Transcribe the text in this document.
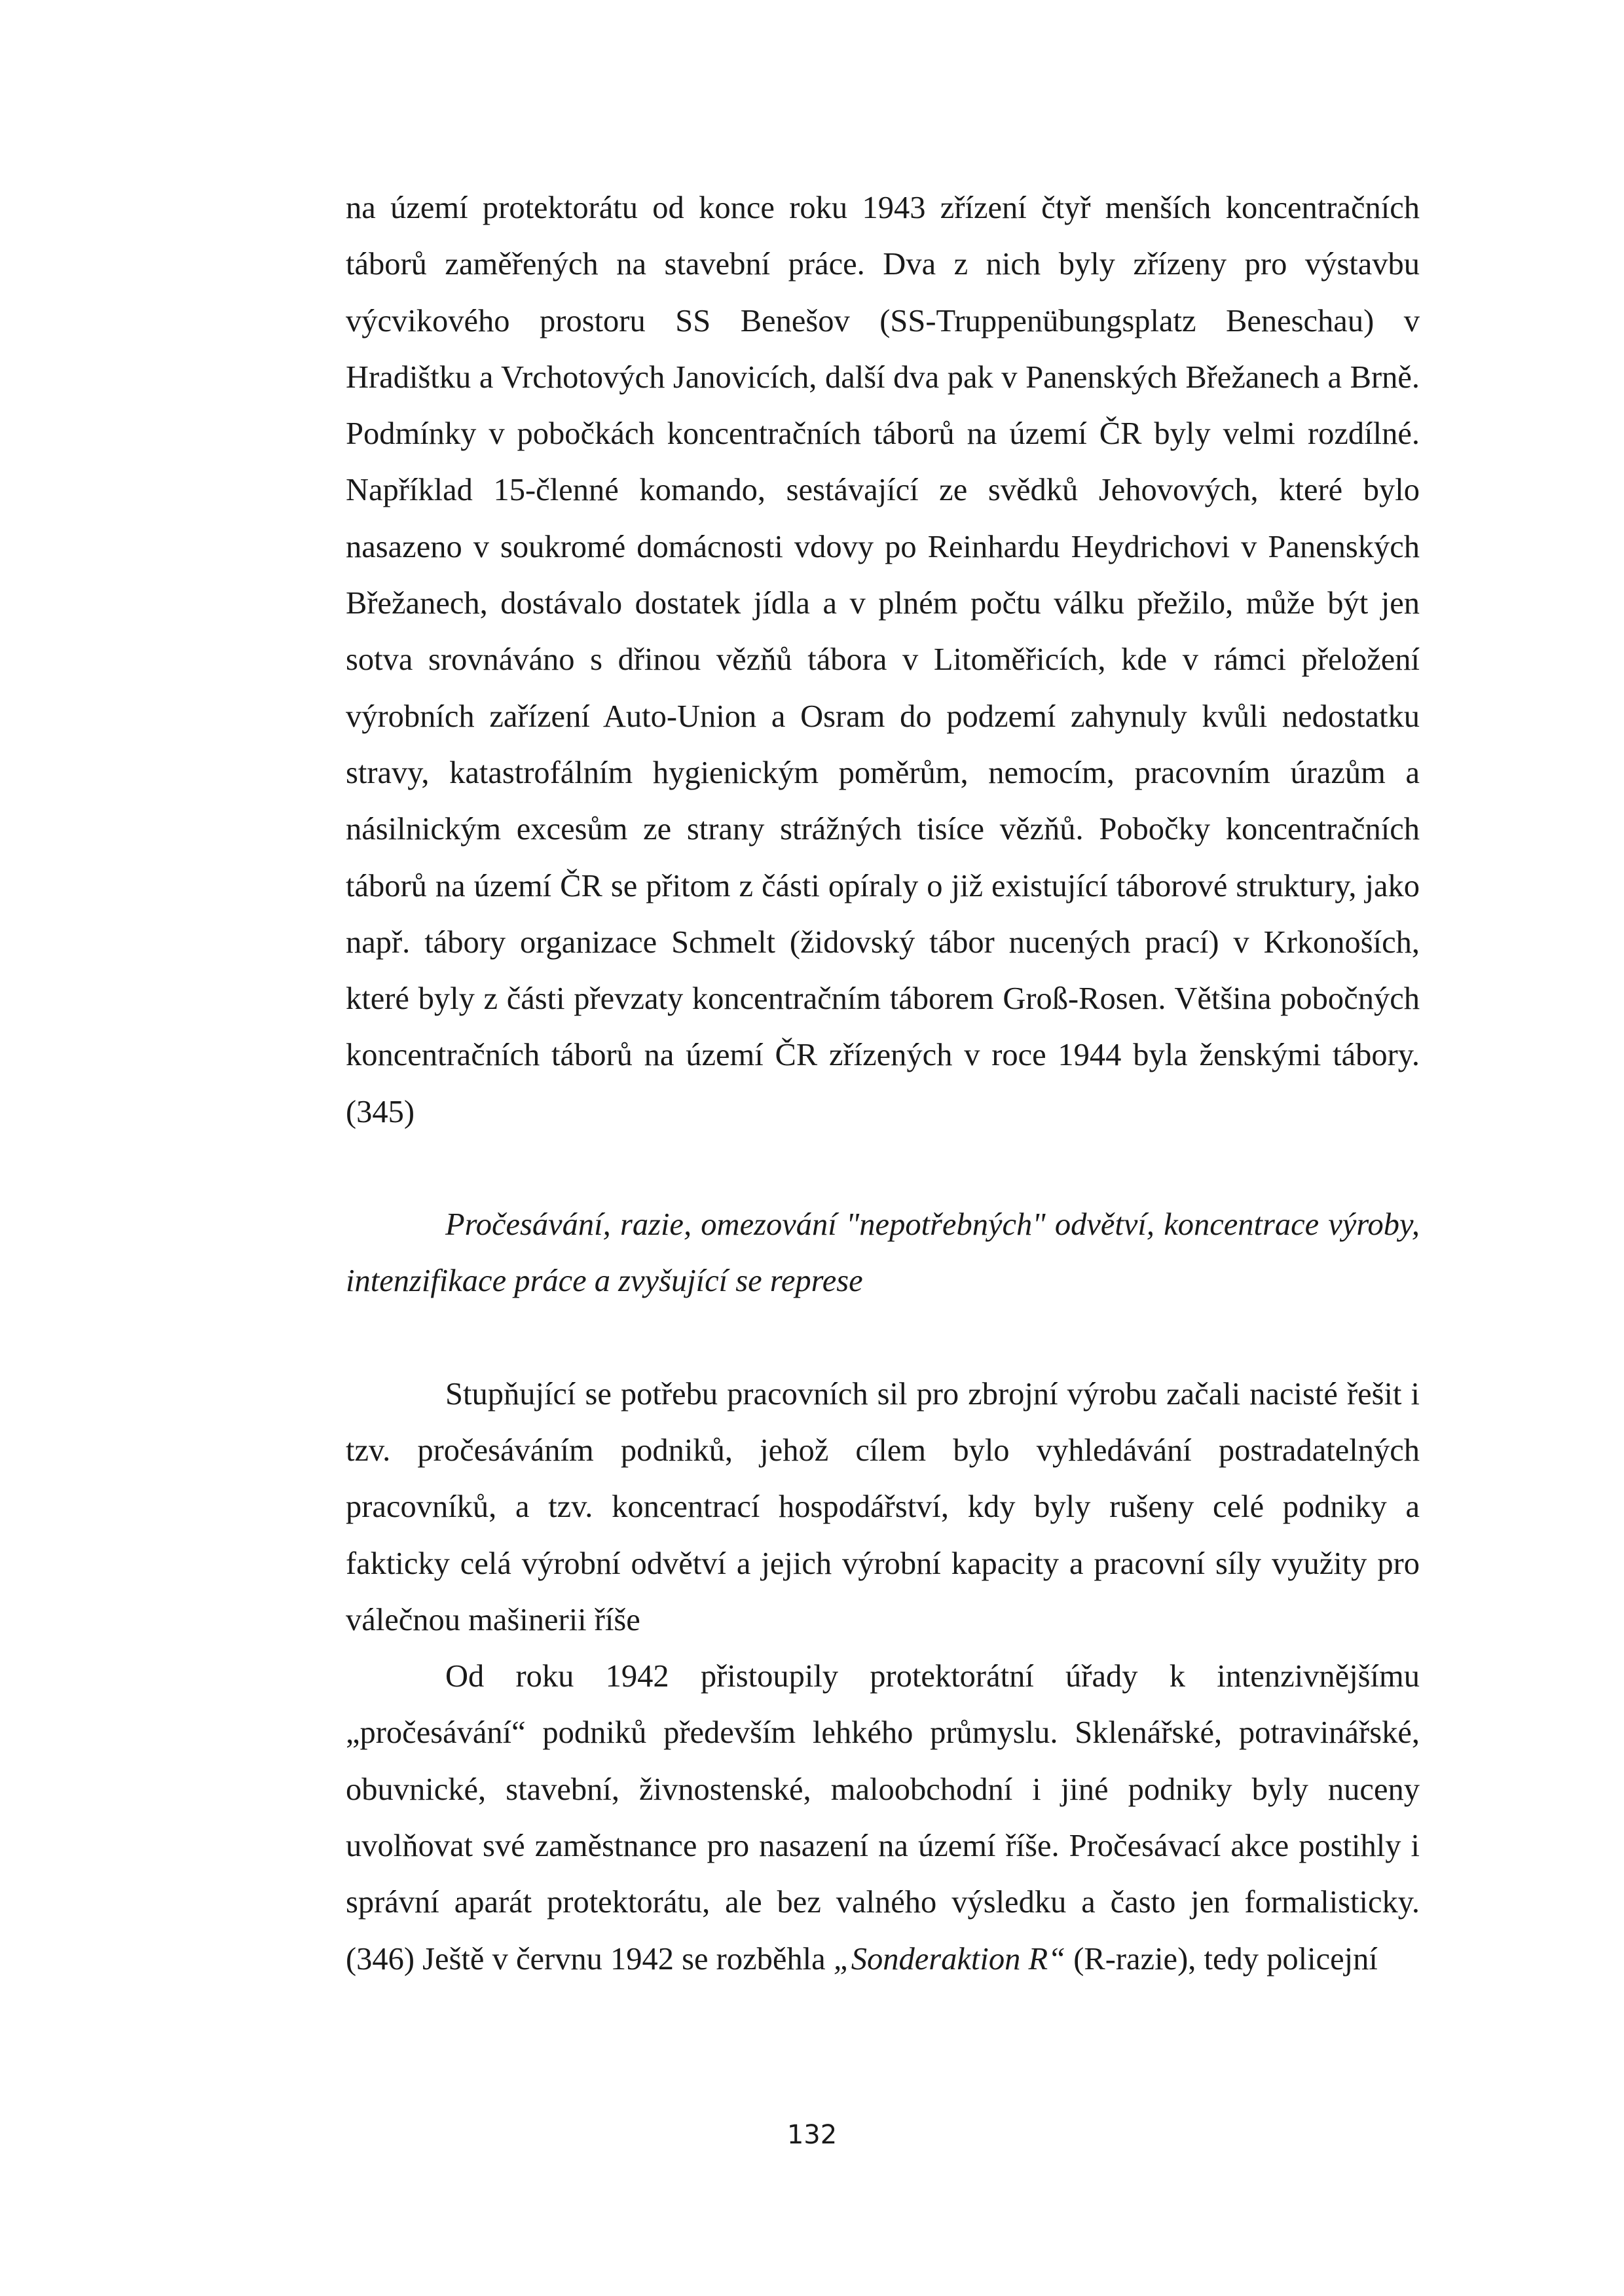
na území protektorátu od konce roku 1943 zřízení čtyř menších koncentračních táborů zaměřených na stavební práce. Dva z nich byly zřízeny pro výstavbu výcvikového prostoru SS Benešov (SS-Truppenübungsplatz Beneschau) v Hradištku a Vrchotových Janovicích, další dva pak v Panenských Břežanech a Brně. Podmínky v pobočkách koncentračních táborů na území ČR byly velmi rozdílné. Například 15-členné komando, sestávající ze svědků Jehovových, které bylo nasazeno v soukromé domácnosti vdovy po Reinhardu Heydrichovi v Panenských Břežanech, dostávalo dostatek jídla a v plném počtu válku přežilo, může být jen sotva srovnáváno s dřinou vězňů tábora v Litoměřicích, kde v rámci přeložení výrobních zařízení Auto-Union a Osram do podzemí zahynuly kvůli nedostatku stravy, katastrofálním hygienickým poměrům, nemocím, pracovním úrazům a násilnickým excesům ze strany strážných tisíce vězňů. Pobočky koncentračních táborů na území ČR se přitom z části opíraly o již existující táborové struktury, jako např. tábory organizace Schmelt (židovský tábor nucených prací) v Krkonoších, které byly z části převzaty koncentračním táborem Groß-Rosen. Většina pobočných koncentračních táborů na území ČR zřízených v roce 1944 byla ženskými tábory.(345)

Pročesávání, razie, omezování "nepotřebných" odvětví, koncentrace výroby, intenzifikace práce a zvyšující se represe

Stupňující se potřebu pracovních sil pro zbrojní výrobu začali nacisté řešit i tzv. pročesáváním podniků, jehož cílem bylo vyhledávání postradatelných pracovníků, a tzv. koncentrací hospodářství, kdy byly rušeny celé podniky a fakticky celá výrobní odvětví a jejich výrobní kapacity a pracovní síly využity pro válečnou mašinerii říše

Od roku 1942 přistoupily protektorátní úřady k intenzivnějšímu „pročesávání“ podniků především lehkého průmyslu. Sklenářské, potravinářské, obuvnické, stavební, živnostenské, maloobchodní i jiné podniky byly nuceny uvolňovat své zaměstnance pro nasazení na území říše. Pročesávací akce postihly i správní aparát protektorátu, ale bez valného výsledku a často jen formalisticky. (346) Ještě v červnu 1942 se rozběhla „Sonderaktion R“ (R-razie), tedy policejní

132
